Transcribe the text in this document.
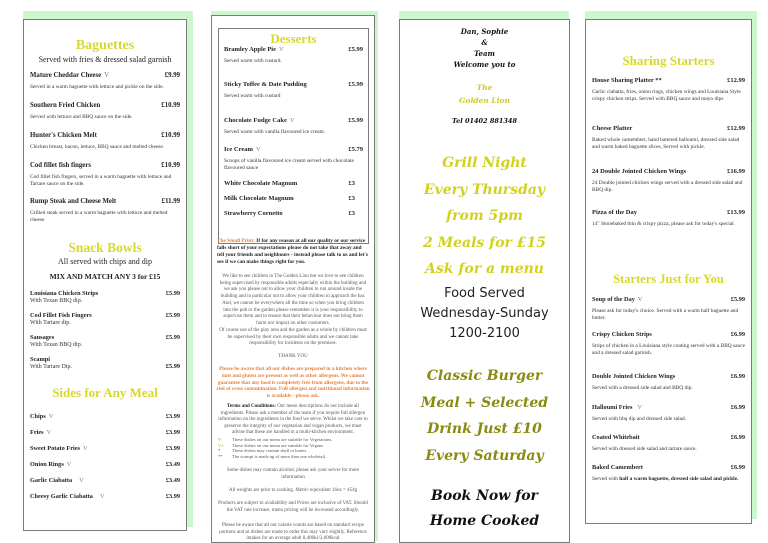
Baguettes
Served with fries & dressed salad garnish
Mature Cheddar Cheese V	£9.99
Served in a warm baguette with lettuce and pickle on the side.
Southern Fried Chicken	£10.99
Served with lettuce and BBQ sauce on the side.
Hunter's Chicken Melt	£10.99
Chicken breast, bacon, lettuce, BBQ sauce and melted cheese.
Cod fillet fish fingers	£10.99
Cod fillet fish fingers, served in a warm baguette with lettuce and Tartare sauce on the side.
Rump Steak and Cheese Melt	£11.99
Grilled steak served in a warm baguette with lettuce and melted cheese
Snack Bowls
All served with chips and dip
MIX AND MATCH ANY 3 for £15
Louisiana Chicken Strips	£5.99
With Texan BBQ dip.
Cod Fillet Fish Fingers	£5.99
With Tartare dip.
Sausages	£5.99
With Texan BBQ dip.
Scampi
With Tartare Dip.	£5.99
Sides for Any Meal
Chips V	£3.99
Fries V	£3.99
Sweet Potato Fries V	£3.99
Onion Rings V	£3.49
Garlic Ciabatta V	£3.49
Cheesy Garlic Ciabatta V	£3.99
Desserts
Bramley Apple Pie V	£5.99
Served warm with custard.
Sticky Toffee & Date Pudding	£5.99
Served warm with custard
Chocolate Fudge Cake V	£5.99
Served warm with vanilla flavoured ice cream.
Ice Cream V	£5.79
Scoops of vanilla flavoured ice cream served with chocolate flavoured sauce
White Chocolate Magnum	£3
Milk Chocolate Magnum	£3
Strawberry Cornetto	£3
The Small Print: If for any reason at all our quality or our service falls short of your expectations please do not take that away and tell your friends and neighbours - instead please talk to us and let's see if we can make things right for you.
We like to see children in The Golden Lion but we love to see children being supervised by responsible adults especially within the building and we ask you please not to allow your children to run around inside the building and in particular not to allow your children to approach the bar.
And, we cannot be everywhere all the time so when you bring children into the pub or the garden please remember it is your responsibility to supervise them and to ensure that their behaviour does not bring them harm nor impact on other customers.
Of course use of the play area and the garden as a whole by children must be supervised by their own responsible adults and we cannot take responsibility for incidents on the premises.
THANK YOU
Please be aware that all our dishes are prepared in a kitchen where nuts and gluten are present as well as other allergens. We cannot guarantee that any food is completely free from allergens, due to the risk of cross contamination. Full allergen and nutritional information is available - please ask.
Terms and Conditions: Our menu descriptions do not include all ingredients. Please ask a member of the team if you require full allergen information on the ingredients in the food we serve. Whilst we take care to preserve the integrity of our vegetarian and vegan products, we must advise that these are handled in a multi-kitchen environment.
V	These dishes on our menu are suitable for Vegetarians.
Vv	These dishes on our menu are suitable for Vegans
*	These dishes may contain shell or bones.
**	The scampi is made up of more than one wholetail.
Some dishes may contain alcohol, please ask your server for more information
All weights are prior to cooking. Metric equivalent 16oz = 454g
Products are subject to availability and Prices are inclusive of VAT. Should the VAT rate increase, menu pricing will be increased accordingly.
Please be aware that all our calorie counts are based on standard recipe portions and as dishes are made to order this may vary slightly. Reference intakes for an average adult 8,400kJ/2,000kcal
Dan, Sophie
&
Team
Welcome you to
The
Golden Lion
Tel 01402 881348
Grill Night
Every Thursday
from 5pm
2 Meals for £15
Ask for a menu
Food Served
Wednesday-Sunday
1200-2100
Classic Burger
Meal + Selected
Drink Just £10
Every Saturday
Book Now for
Home Cooked
Sharing Starters
House Sharing Platter **	£12.99
Garlic ciabatta, fries, onion rings, chicken wings and Louisiana Style crispy chicken strips. Served with BBQ sauce and mayo dips
Cheese Platter	£12.99
Baked whole camembert, hand battered halloumi, dressed side salad and warm baked baguette slices, Served with pickle.
24 Double Jointed Chicken Wings	£16.99
24 Double jointed chicken wings served with a dressed side salad and BBQ dip.
Pizza of the Day	£13.99
14" Stonebaked thin & crispy pizza, please ask for today's special.
Starters Just for You
Soup of the Day V	£5.99
Please ask for today's choice. Served with a warm half baguette and butter.
Crispy Chicken Strips	£6.99
Strips of chicken in a Louisiana style coating served with a BBQ sauce and a dressed salad garnish.
Double Jointed Chicken Wings	£6.99
Served with a dressed side salad and BBQ dip.
Halloumi Fries V	£6.99
Served with bbq dip and dressed side salad.
Coated Whitebait	£6.99
Served with dressed side salad and tartare sauce.
Baked Camembert	£6.99
Served with half a warm baguette, dressed side salad and pickle.
